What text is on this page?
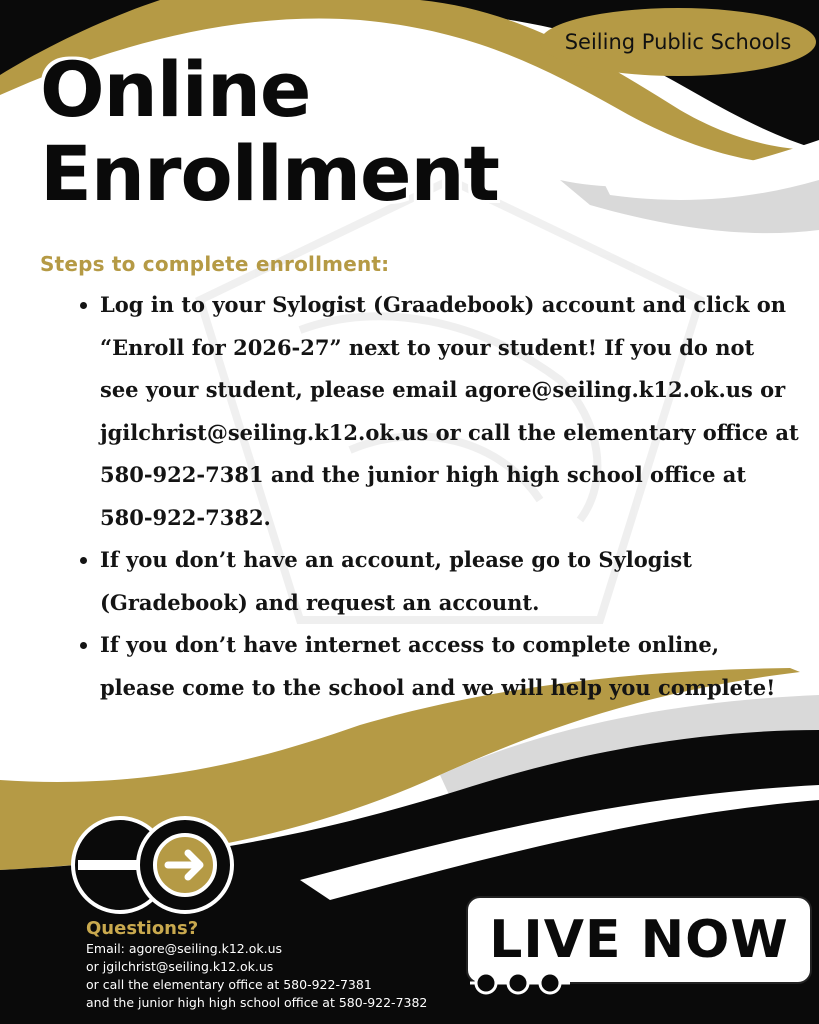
Seiling Public Schools
Online
Enrollment
Steps to complete enrollment:
• Log in to your Sylogist (Graadebook) account and click on “Enroll for 2026-27” next to your student! If you do not see your student, please email agore@seiling.k12.ok.us or jgilchrist@seiling.k12.ok.us or call the elementary office at 580-922-7381 and the junior high high school office at 580-922-7382.
• If you don’t have an account, please go to Sylogist (Gradebook) and request an account.
• If you don’t have internet access to complete online, please come to the school and we will help you complete!
Questions?
Email: agore@seiling.k12.ok.us
or jgilchrist@seiling.k12.ok.us
or call the elementary office at 580-922-7381
and the junior high high school office at 580-922-7382
LIVE NOW
